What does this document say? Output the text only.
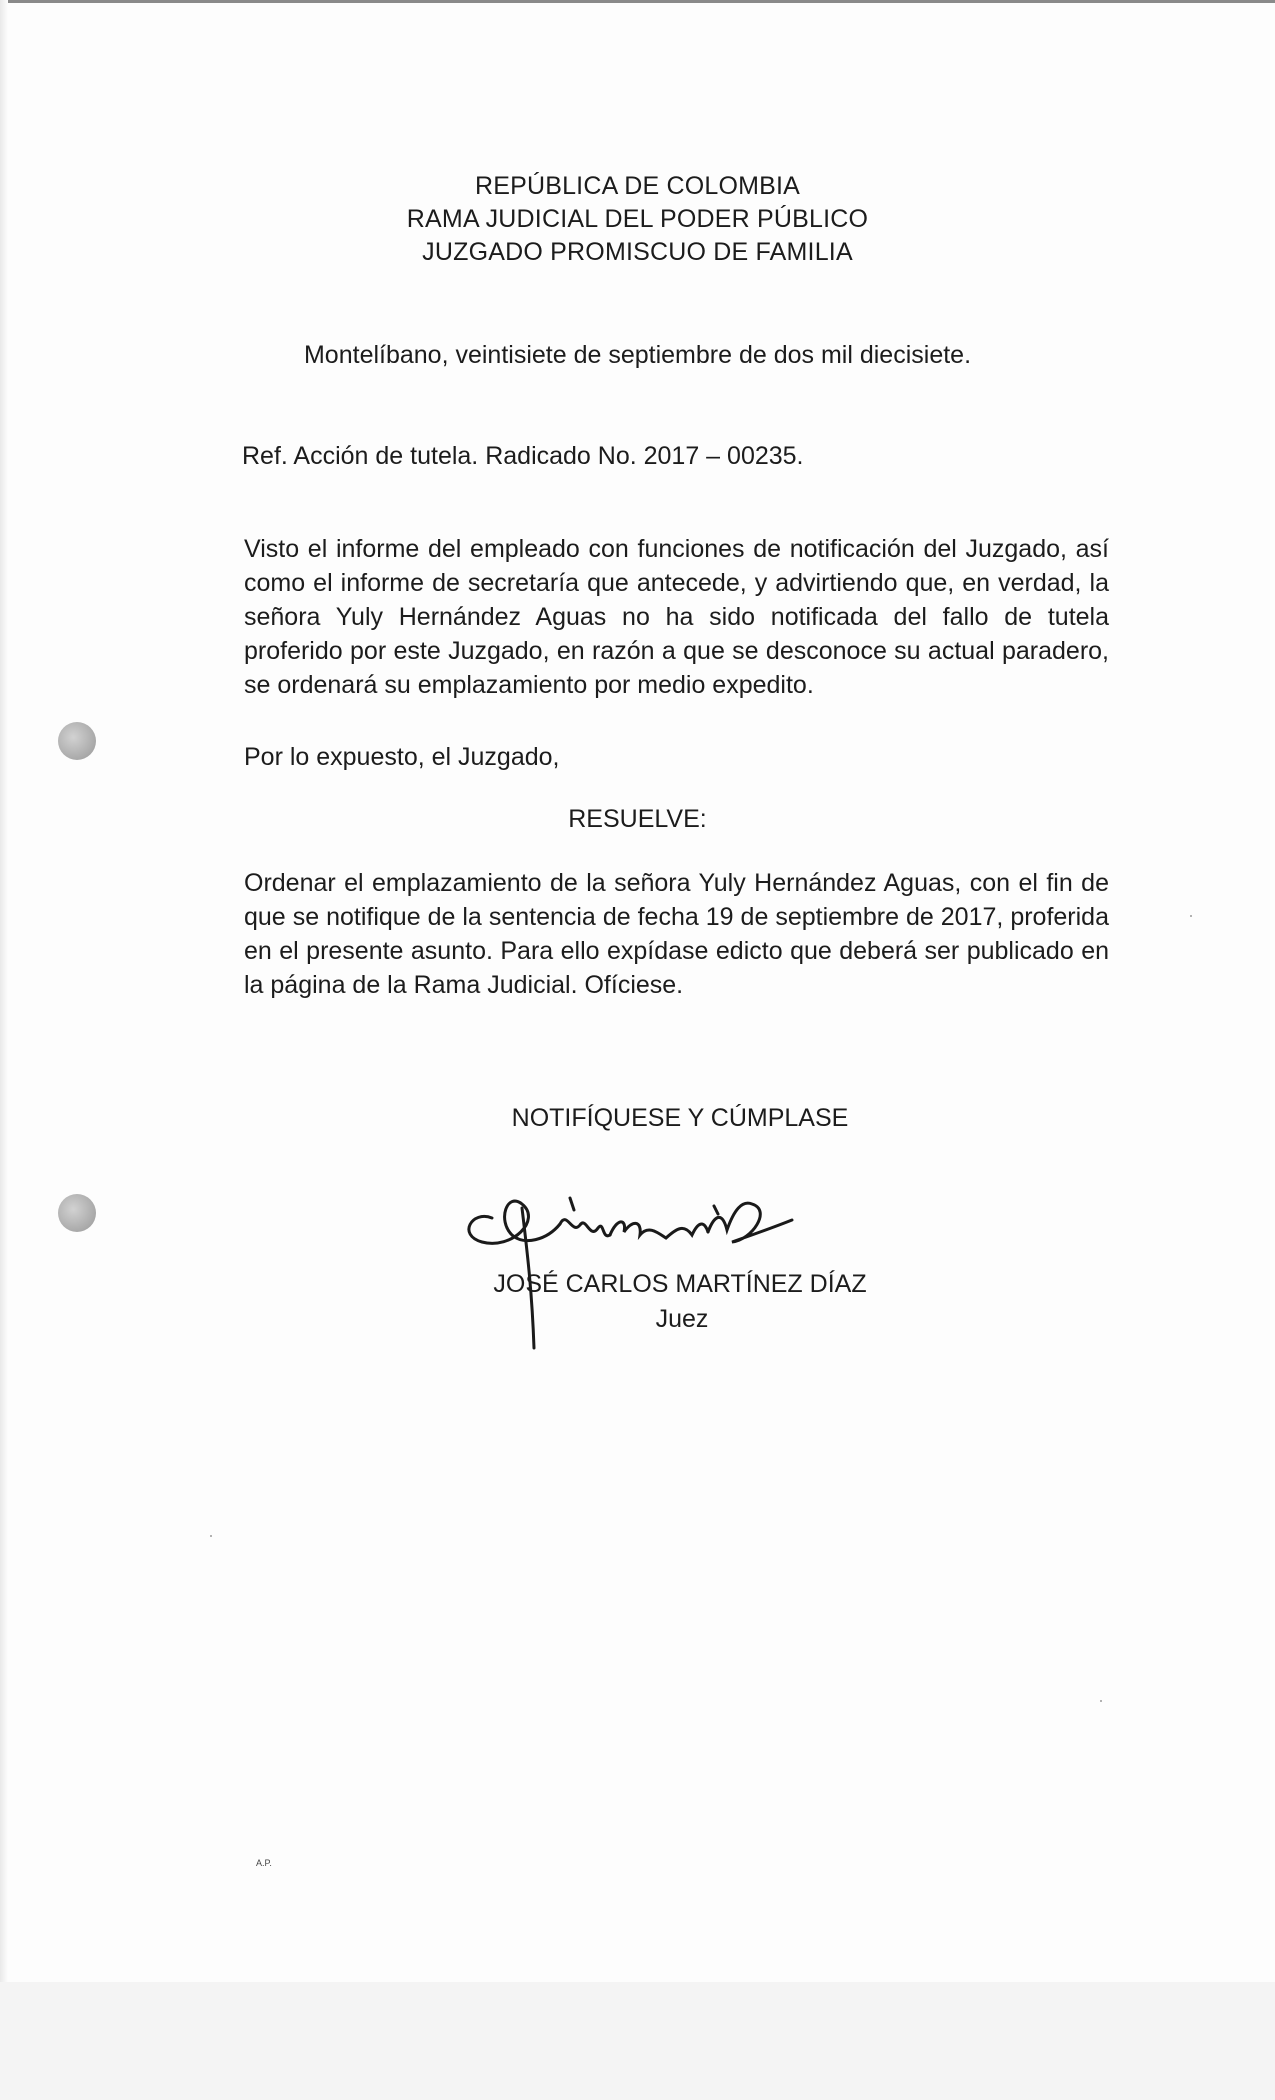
REPÚBLICA DE COLOMBIA
RAMA JUDICIAL DEL PODER PÚBLICO
JUZGADO PROMISCUO DE FAMILIA
Montelíbano, veintisiete de septiembre de dos mil diecisiete.
Ref. Acción de tutela. Radicado No. 2017 – 00235.

Visto el informe del empleado con funciones de notificación del Juzgado, así como el informe de secretaría que antecede, y advirtiendo que, en verdad, la señora Yuly Hernández Aguas no ha sido notificada del fallo de tutela proferido por este Juzgado, en razón a que se desconoce su actual paradero, se ordenará su emplazamiento por medio expedito.

Por lo expuesto, el Juzgado,

RESUELVE:

Ordenar el emplazamiento de la señora Yuly Hernández Aguas, con el fin de que se notifique de la sentencia de fecha 19 de septiembre de 2017, proferida en el presente asunto. Para ello expídase edicto que deberá ser publicado en la página de la Rama Judicial. Ofíciese.

NOTIFÍQUESE Y CÚMPLASE
JOSÉ CARLOS MARTÍNEZ DÍAZ
Juez
A.P.
